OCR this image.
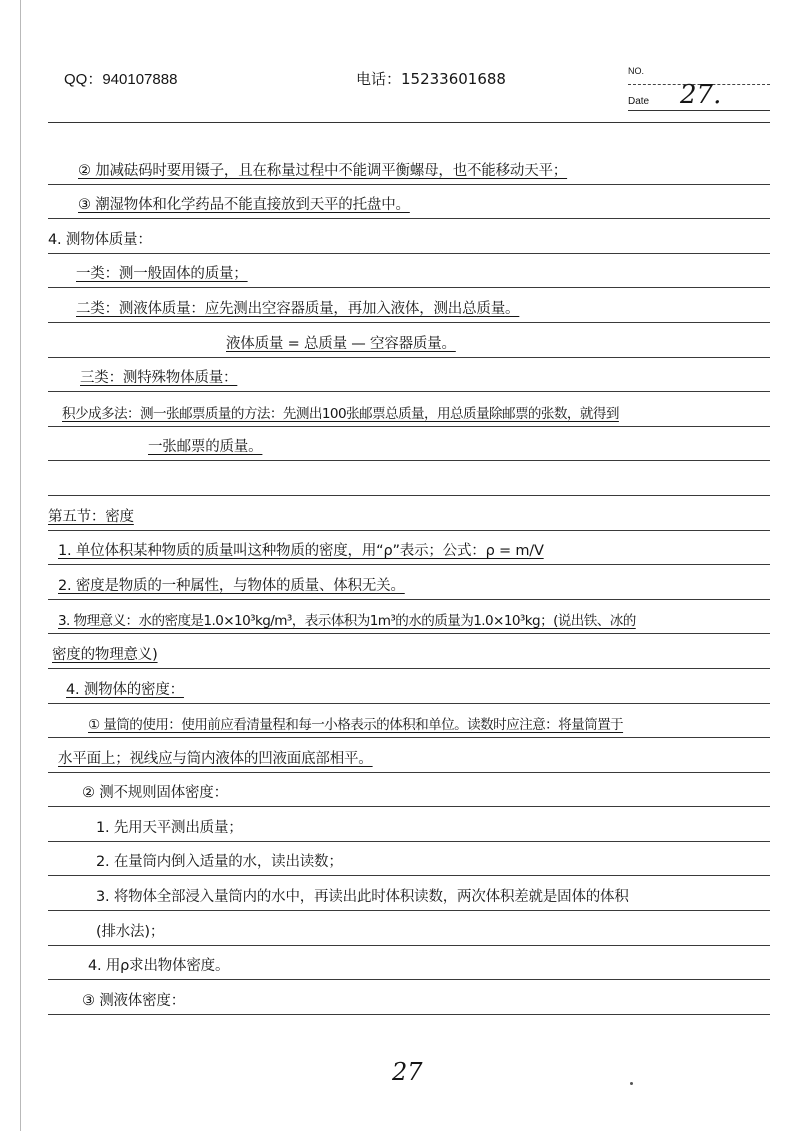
QQ：940107888	电话：15233601688	NO.
Date 27.
② 加减砝码时要用镊子，且在称量过程中不能调平衡螺母，也不能移动天平；
③ 潮湿物体和化学药品不能直接放到天平的托盘中。
4. 测物体质量：
一类：测一般固体的质量；
二类：测液体质量：应先测出空容器质量，再加入液体，测出总质量。
液体质量 = 总质量 — 空容器质量。
三类：测特殊物体质量：
积少成多法：测一张邮票质量的方法：先测出100张邮票总质量，用总质量除邮票的张数，就得到
一张邮票的质量。
第五节：密度
1. 单位体积某种物质的质量叫这种物质的密度，用“ρ”表示；公式：ρ = m/V
2. 密度是物质的一种属性，与物体的质量、体积无关。
3. 物理意义：水的密度是1.0×10³kg/m³，表示体积为1m³的水的质量为1.0×10³kg；(说出铁、冰的
密度的物理意义)
4. 测物体的密度：
① 量筒的使用：使用前应看清量程和每一小格表示的体积和单位。读数时应注意：将量筒置于
水平面上；视线应与筒内液体的凹液面底部相平。
② 测不规则固体密度：
1. 先用天平测出质量；
2. 在量筒内倒入适量的水，读出读数；
3. 将物体全部浸入量筒内的水中，再读出此时体积读数，两次体积差就是固体的体积
(排水法)；
4. 用ρ求出物体密度。
③ 测液体密度：
27
